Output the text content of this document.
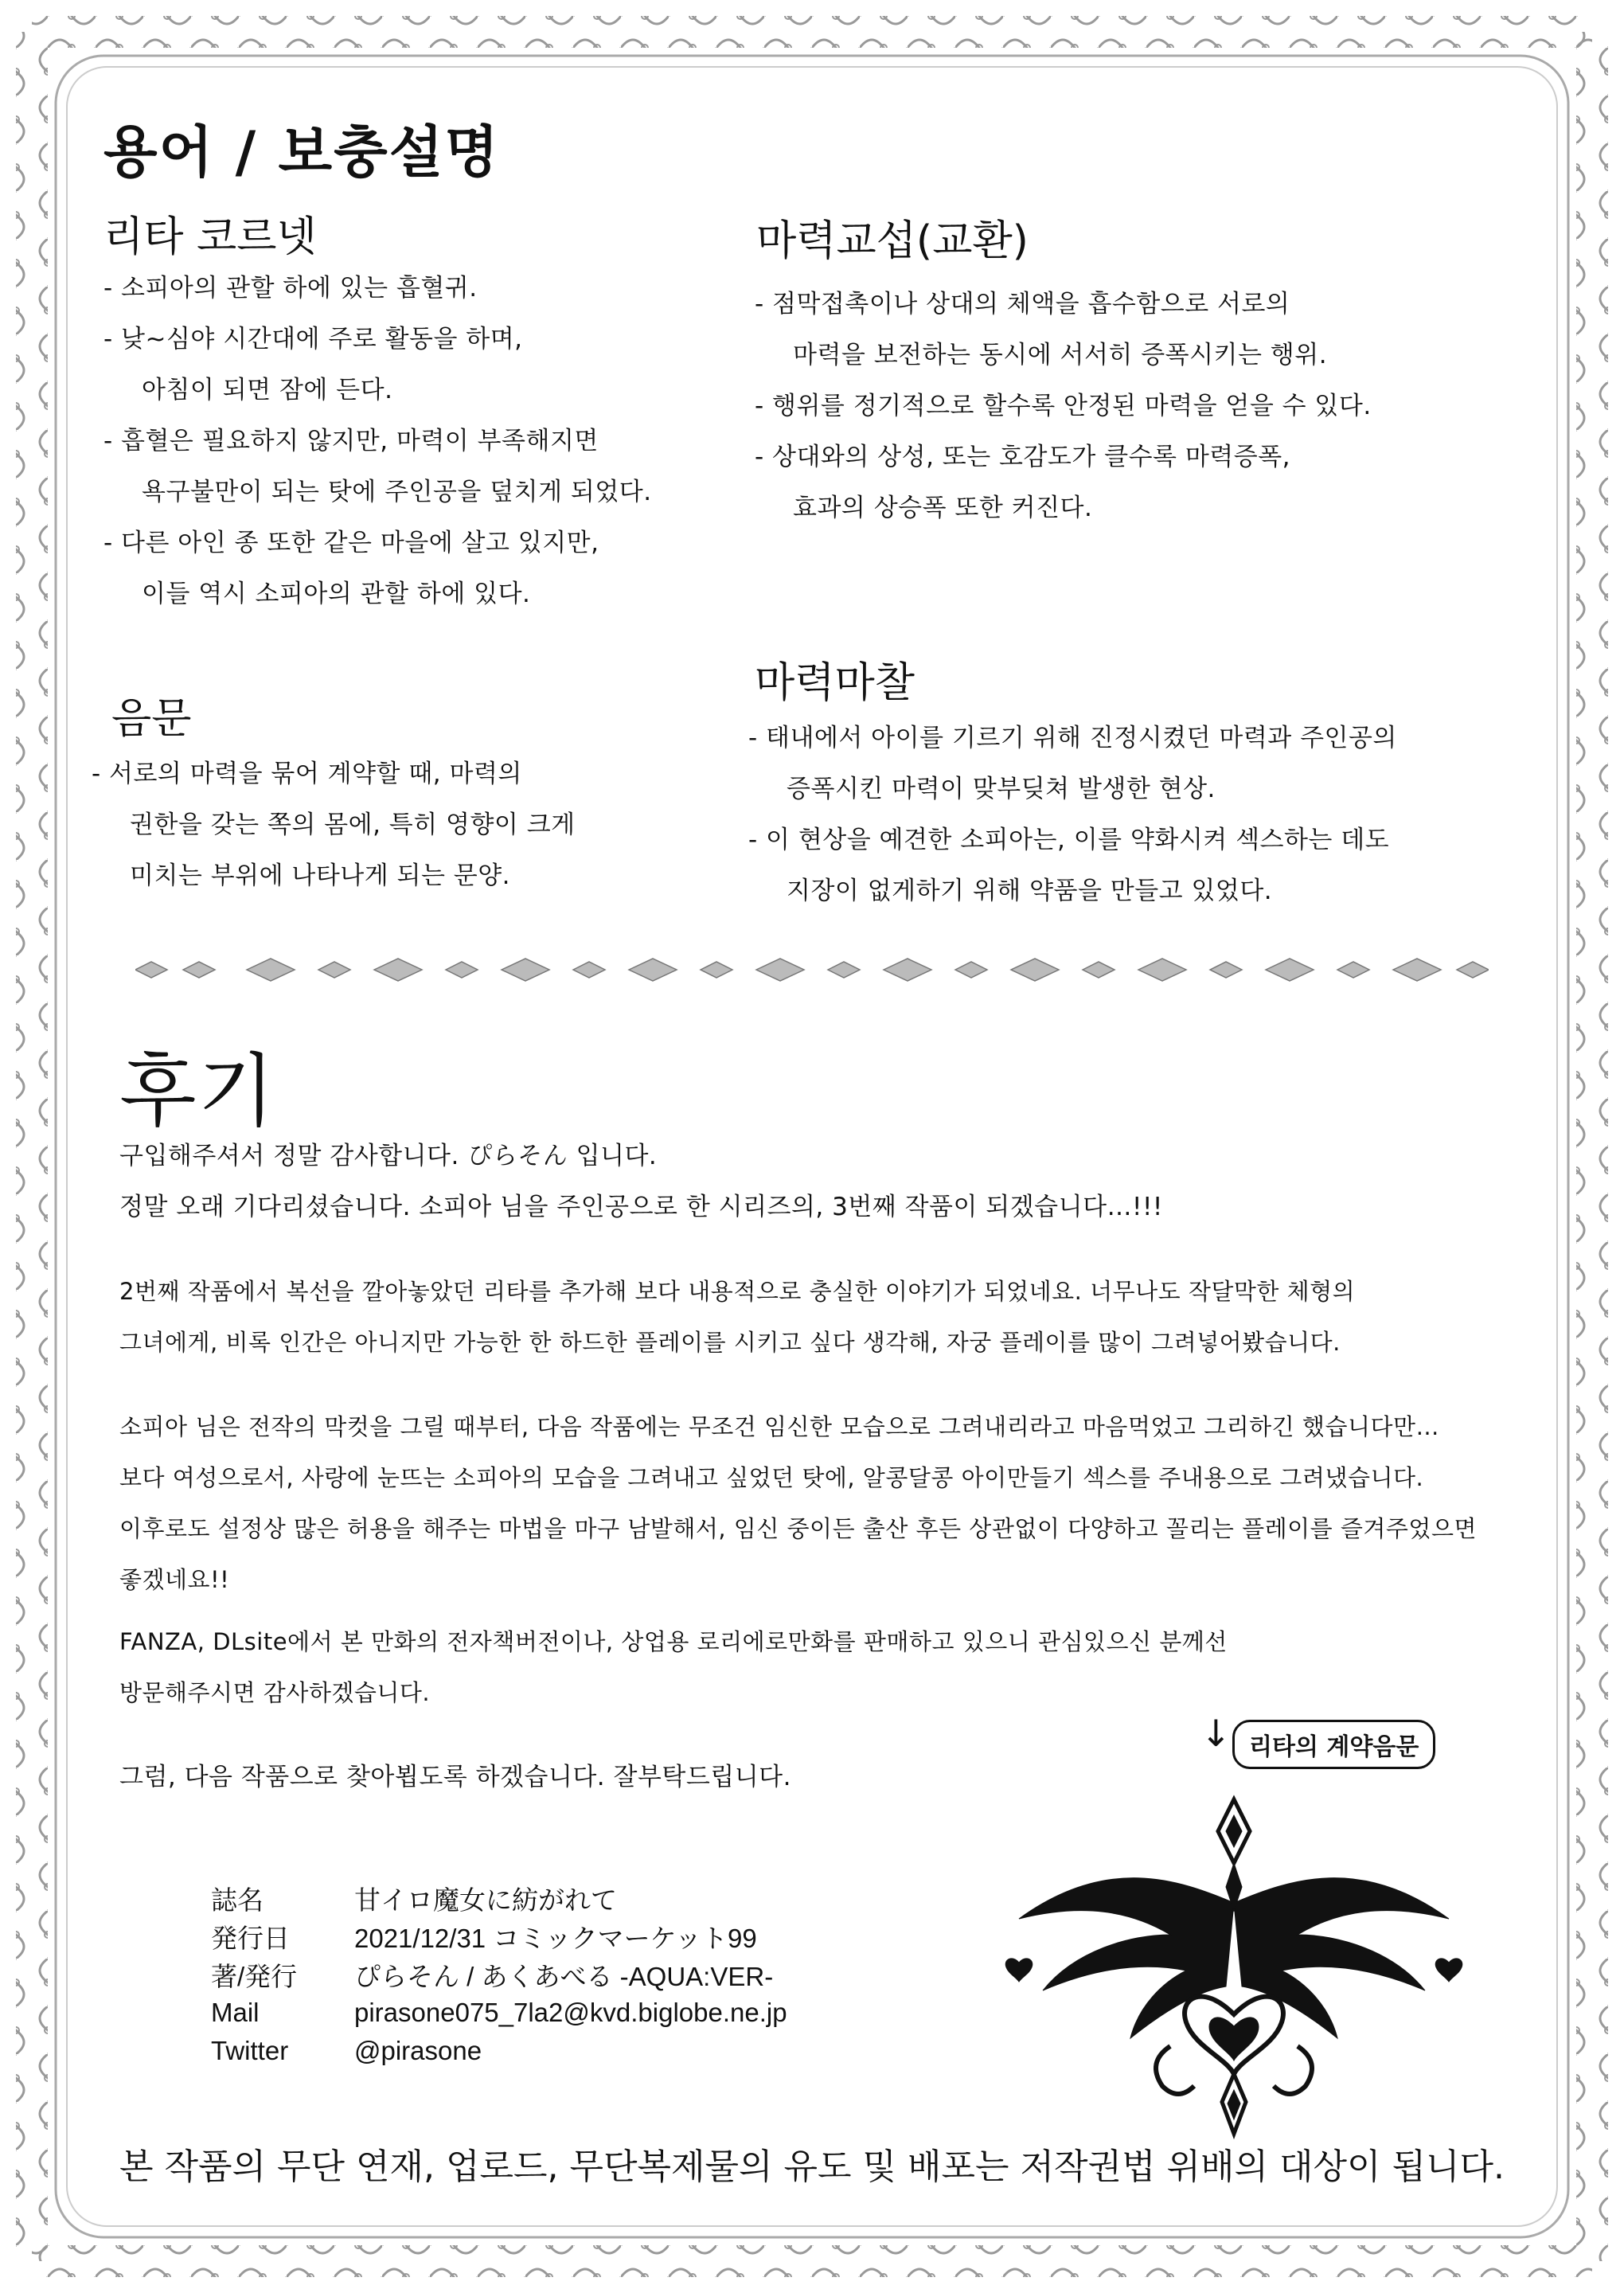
용어 / 보충설명
리타 코르넷

- 소피아의 관할 하에 있는 흡혈귀.

- 낮~심야 시간대에 주로 활동을 하며,

아침이 되면 잠에 든다.

- 흡혈은 필요하지 않지만, 마력이 부족해지면

욕구불만이 되는 탓에 주인공을 덮치게 되었다.

- 다른 아인 종 또한 같은 마을에 살고 있지만,

이들 역시 소피아의 관할 하에 있다.

음문

- 서로의 마력을 묶어 계약할 때, 마력의

권한을 갖는 쪽의 몸에, 특히 영향이 크게

미치는 부위에 나타나게 되는 문양.

마력교섭(교환)

- 점막접촉이나 상대의 체액을 흡수함으로 서로의

마력을 보전하는 동시에 서서히 증폭시키는 행위.

- 행위를 정기적으로 할수록 안정된 마력을 얻을 수 있다.

- 상대와의 상성, 또는 호감도가 클수록 마력증폭,

효과의 상승폭 또한 커진다.

마력마찰

- 태내에서 아이를 기르기 위해 진정시켰던 마력과 주인공의

증폭시킨 마력이 맞부딪쳐 발생한 현상.

- 이 현상을 예견한 소피아는, 이를 약화시켜 섹스하는 데도

지장이 없게하기 위해 약품을 만들고 있었다.

후기

구입해주셔서 정말 감사합니다. ぴらそん 입니다.

정말 오래 기다리셨습니다. 소피아 님을 주인공으로 한 시리즈의, 3번째 작품이 되겠습니다…!!!

2번째 작품에서 복선을 깔아놓았던 리타를 추가해 보다 내용적으로 충실한 이야기가 되었네요. 너무나도 작달막한 체형의

그녀에게, 비록 인간은 아니지만 가능한 한 하드한 플레이를 시키고 싶다 생각해, 자궁 플레이를 많이 그려넣어봤습니다.

소피아 님은 전작의 막컷을 그릴 때부터, 다음 작품에는 무조건 임신한 모습으로 그려내리라고 마음먹었고 그리하긴 했습니다만…

보다 여성으로서, 사랑에 눈뜨는 소피아의 모습을 그려내고 싶었던 탓에, 알콩달콩 아이만들기 섹스를 주내용으로 그려냈습니다.

이후로도 설정상 많은 허용을 해주는 마법을 마구 남발해서, 임신 중이든 출산 후든 상관없이 다양하고 꼴리는 플레이를 즐겨주었으면

좋겠네요!!

FANZA, DLsite에서 본 만화의 전자책버전이나, 상업용 로리에로만화를 판매하고 있으니 관심있으신 분께선

방문해주시면 감사하겠습니다.

그럼, 다음 작품으로 찾아뵙도록 하겠습니다. 잘부탁드립니다.

↓ 리타의 계약음문
誌名	甘イロ魔女に紡がれて
発行日	2021/12/31 コミックマーケット99
著/発行	ぴらそん / あくあべる -AQUA:VER-
Mail	pirasone075_7la2@kvd.biglobe.ne.jp
Twitter	@pirasone
본 작품의 무단 연재, 업로드, 무단복제물의 유도 및 배포는 저작권법 위배의 대상이 됩니다.
